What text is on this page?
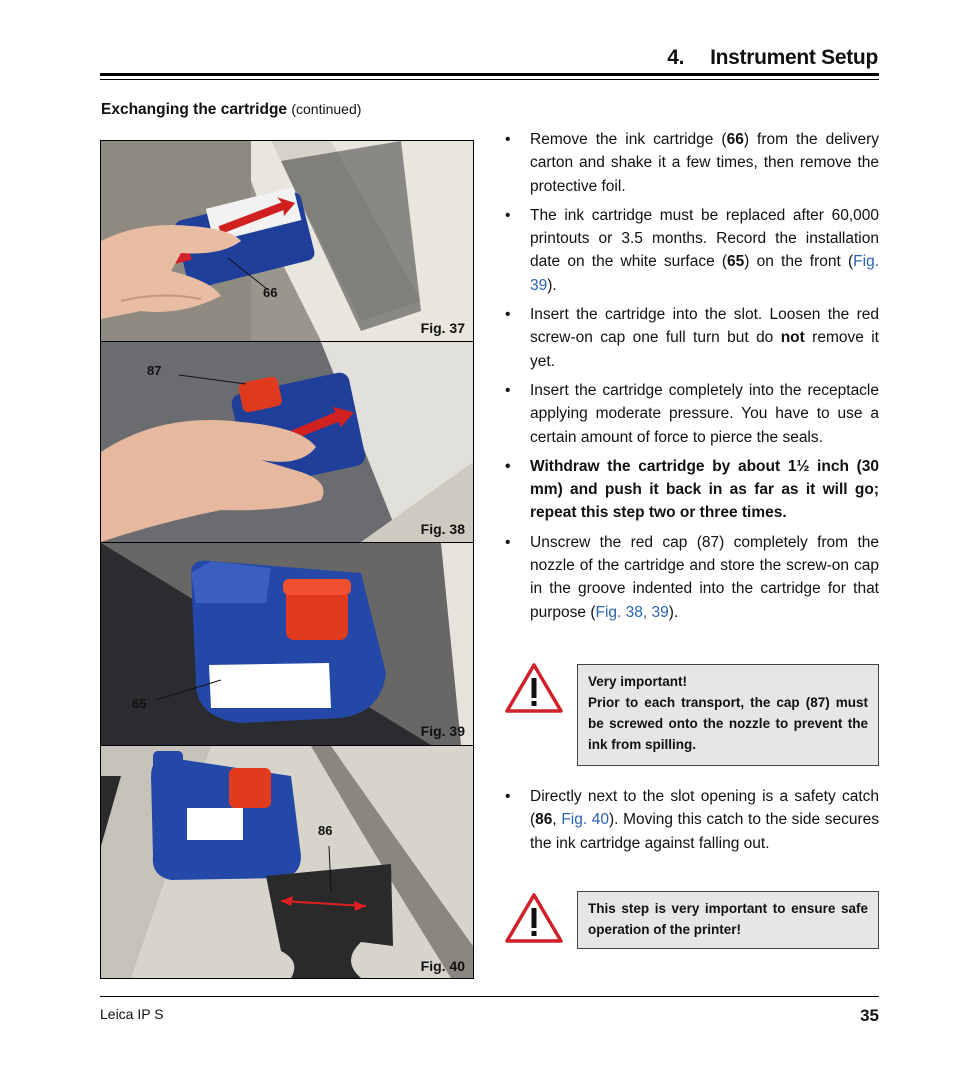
4. Instrument Setup
Exchanging the cartridge (continued)
66
Fig. 37
87
Fig. 38
65
Fig. 39
86
Fig. 40
• Remove the ink cartridge (66) from the delivery carton and shake it a few times, then remove the protective foil.
• The ink cartridge must be replaced after 60,000 printouts or 3.5 months. Record the installation date on the white surface (65) on the front (Fig. 39).
• Insert the cartridge into the slot. Loosen the red screw-on cap one full turn but do not remove it yet.
• Insert the cartridge completely into the receptacle applying moderate pressure. You have to use a certain amount of force to pierce the seals.
• Withdraw the cartridge by about 1½ inch (30 mm) and push it back in as far as it will go; repeat this step two or three times.
• Unscrew the red cap (87) completely from the nozzle of the cartridge and store the screw-on cap in the groove indented into the cartridge for that purpose (Fig. 38, 39).
Very important!
Prior to each transport, the cap (87) must be screwed onto the nozzle to prevent the ink from spilling.
• Directly next to the slot opening is a safety catch (86, Fig. 40). Moving this catch to the side secures the ink cartridge against falling out.
This step is very important to ensure safe operation of the printer!
Leica IP S	35
